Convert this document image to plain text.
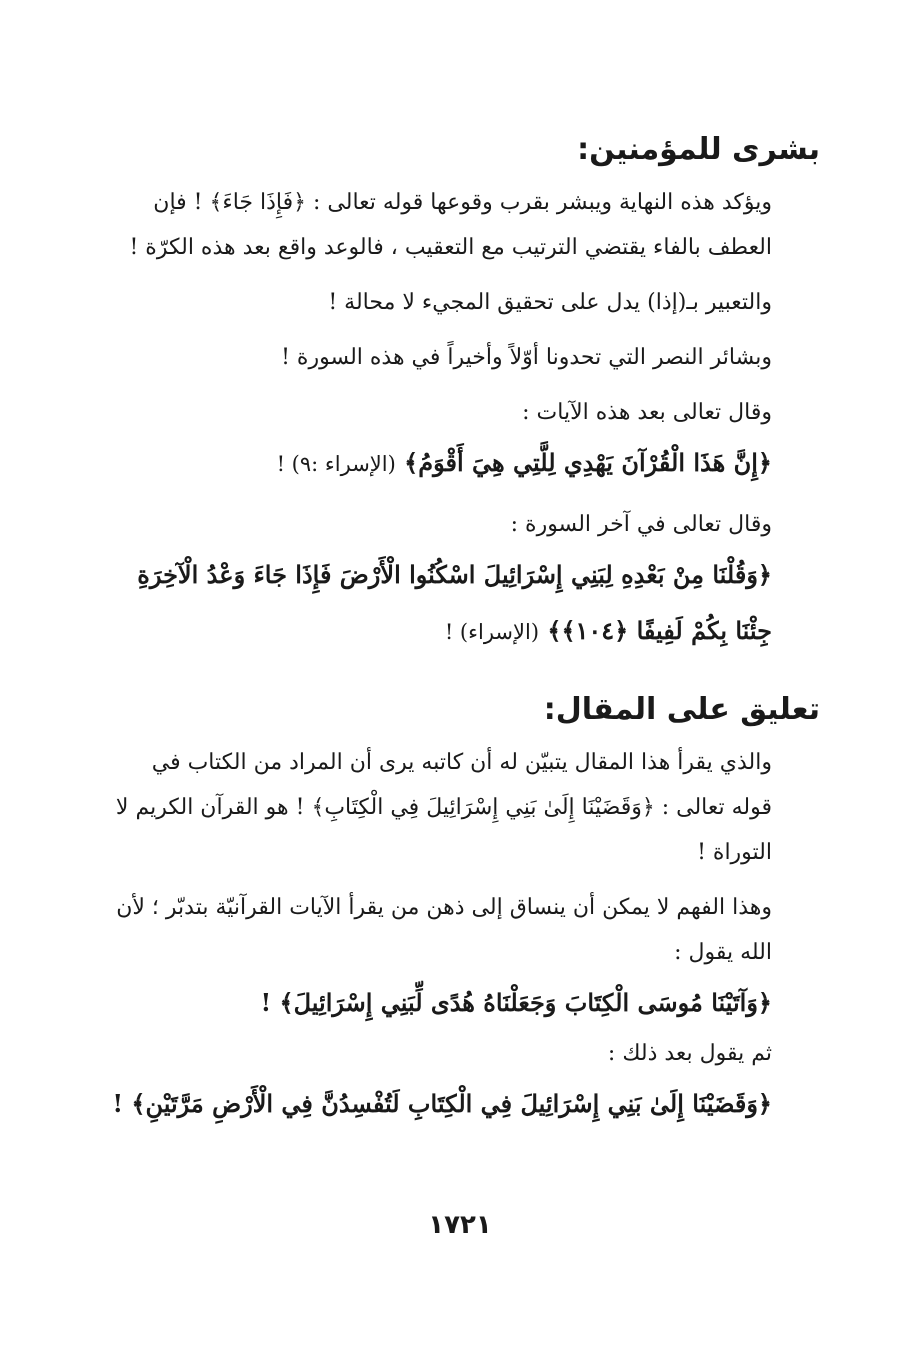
بشرى للمؤمنين:

ويؤكد هذه النهاية ويبشر بقرب وقوعها قوله تعالى : ﴿فَإِذَا جَاءَ﴾ ! فإن العطف بالفاء يقتضي الترتيب مع التعقيب ، فالوعد واقع بعد هذه الكرّة !

والتعبير بـ(إذا) يدل على تحقيق المجيء لا محالة !

وبشائر النصر التي تحدونا أوّلاً وأخيراً في هذه السورة !

وقال تعالى بعد هذه الآيات :

﴿إِنَّ هَذَا الْقُرْآنَ يَهْدِي لِلَّتِي هِيَ أَقْوَمُ﴾ (الإسراء :٩) !

وقال تعالى في آخر السورة :

﴿وَقُلْنَا مِنْ بَعْدِهِ لِبَنِي إِسْرَائِيلَ اسْكُنُوا الْأَرْضَ فَإِذَا جَاءَ وَعْدُ الْآخِرَةِ جِئْنَا بِكُمْ لَفِيفًا ﴿١٠٤﴾﴾ (الإسراء) !

تعليق على المقال:

والذي يقرأ هذا المقال يتبيّن له أن كاتبه يرى أن المراد من الكتاب في قوله تعالى : ﴿وَقَضَيْنَا إِلَىٰ بَنِي إِسْرَائِيلَ فِي الْكِتَابِ﴾ ! هو القرآن الكريم لا التوراة !

وهذا الفهم لا يمكن أن ينساق إلى ذهن من يقرأ الآيات القرآنيّة بتدبّر ؛ لأن الله يقول :

﴿وَآتَيْنَا مُوسَى الْكِتَابَ وَجَعَلْنَاهُ هُدًى لِّبَنِي إِسْرَائِيلَ﴾ !

ثم يقول بعد ذلك :

﴿وَقَضَيْنَا إِلَىٰ بَنِي إِسْرَائِيلَ فِي الْكِتَابِ لَتُفْسِدُنَّ فِي الْأَرْضِ مَرَّتَيْنِ﴾ !

١٧٢١
